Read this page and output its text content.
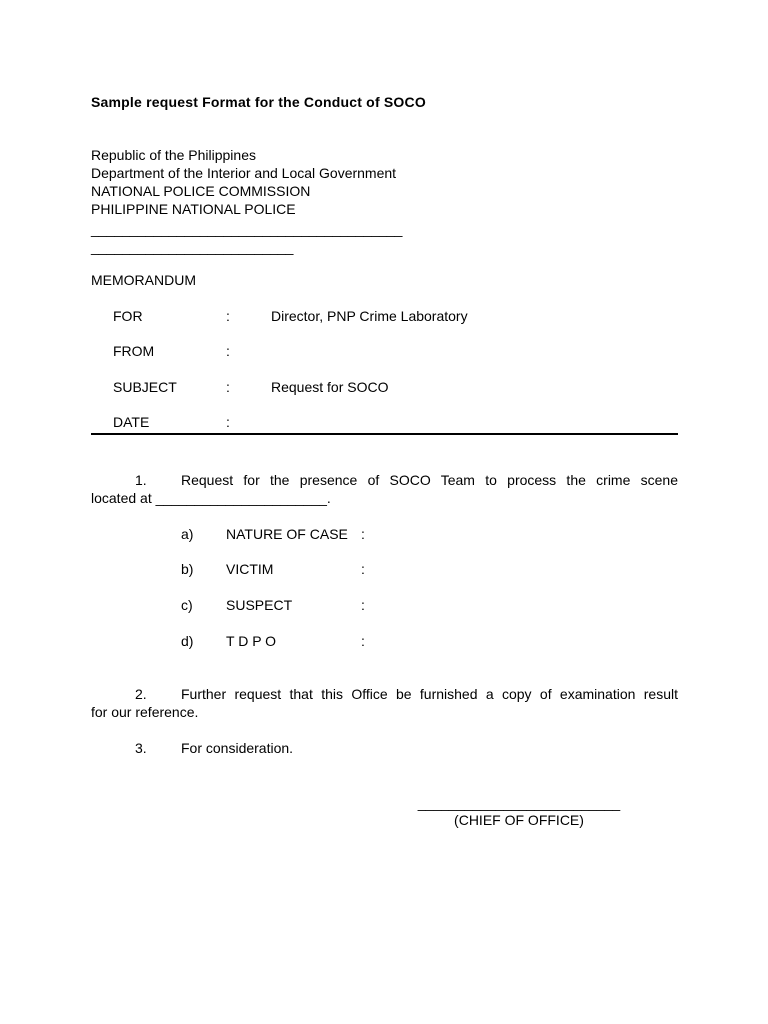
Sample request Format for the Conduct of SOCO
Republic of the Philippines
Department of the Interior and Local Government
NATIONAL POLICE COMMISSION
PHILIPPINE NATIONAL POLICE
________________________________________
__________________________
MEMORANDUM
FOR	:	Director, PNP Crime Laboratory
FROM	:
SUBJECT	:	Request for SOCO
DATE	:
1. Request for the presence of SOCO Team to process the crime scene
located at ______________________.
a) NATURE OF CASE :
b) VICTIM	:
c) SUSPECT	:
d) T D P O	:
2. Further request that this Office be furnished a copy of examination result
for our reference.
3. For consideration.
__________________________
(CHIEF OF OFFICE)
